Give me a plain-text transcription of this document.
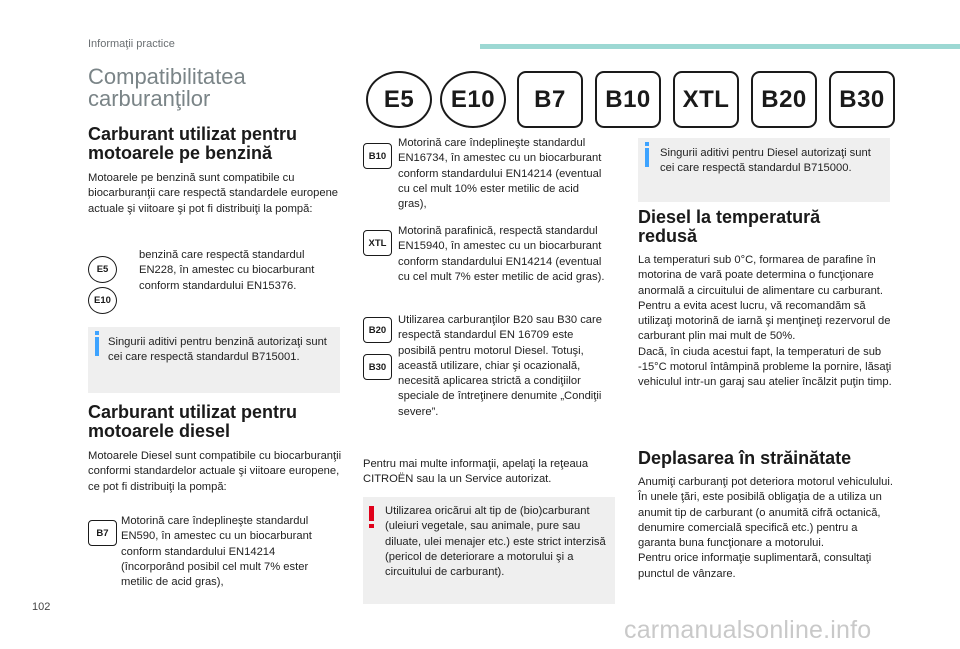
Informaţii practice
Compatibilitatea carburanţilor	E5 E10 B7 B10 XTL B20 B30
Carburant utilizat pentru motoarele pe benzină

Motoarele pe benzină sunt compatibile cu biocarburanţii care respectă standardele europene actuale şi viitoare şi pot fi distribuiţi la pompă:

E5
E10

benzină care respectă standardul EN228, în amestec cu biocarburant conform standardului EN15376.

Singurii aditivi pentru benzină autorizaţi sunt cei care respectă standardul B715001.

Carburant utilizat pentru motoarele diesel

Motoarele Diesel sunt compatibile cu biocarburanţii conformi standardelor actuale şi viitoare europene, ce pot fi distribuiţi la pompă:

B7

Motorină care îndeplineşte standardul EN590, în amestec cu un biocarburant conform standardului EN14214 (încorporând posibil cel mult 7% ester metilic de acid gras),

B10

Motorină care îndeplineşte standardul EN16734, în amestec cu un biocarburant conform standardului EN14214 (eventual cu cel mult 10% ester metilic de acid gras),

XTL

Motorină parafinică, respectă standardul EN15940, în amestec cu un biocarburant conform standardului EN14214 (eventual cu cel mult 7% ester metilic de acid gras).

B20
B30

Utilizarea carburanţilor B20 sau B30 care respectă standardul EN 16709 este posibilă pentru motorul Diesel. Totuşi, această utilizare, chiar şi ocazională, necesită aplicarea strictă a condiţiilor speciale de întreţinere denumite „Condiţii severe”.

Pentru mai multe informaţii, apelaţi la reţeaua CITROËN sau la un Service autorizat.

Utilizarea oricărui alt tip de (bio)carburant (uleiuri vegetale, sau animale, pure sau diluate, ulei menajer etc.) este strict interzisă (pericol de deteriorare a motorului şi a circuitului de carburant).

Singurii aditivi pentru Diesel autorizaţi sunt cei care respectă standardul B715000.

Diesel la temperatură redusă

La temperaturi sub 0°C, formarea de parafine în motorina de vară poate determina o funcţionare anormală a circuitului de alimentare cu carburant. Pentru a evita acest lucru, vă recomandăm să utilizaţi motorină de iarnă şi menţineţi rezervorul de carburant plin mai mult de 50%.
Dacă, în ciuda acestui fapt, la temperaturi de sub -15°C motorul întâmpină probleme la pornire, lăsaţi vehiculul intr-un garaj sau atelier încălzit puţin timp.

Deplasarea în străinătate

Anumiţi carburanţi pot deteriora motorul vehiculului.
În unele ţări, este posibilă obligaţia de a utiliza un anumit tip de carburant (o anumită cifră octanică, denumire comercială specifică etc.) pentru a garanta buna funcţionare a motorului.
Pentru orice informaţie suplimentară, consultaţi punctul de vânzare.

102
carmanualsonline.info
